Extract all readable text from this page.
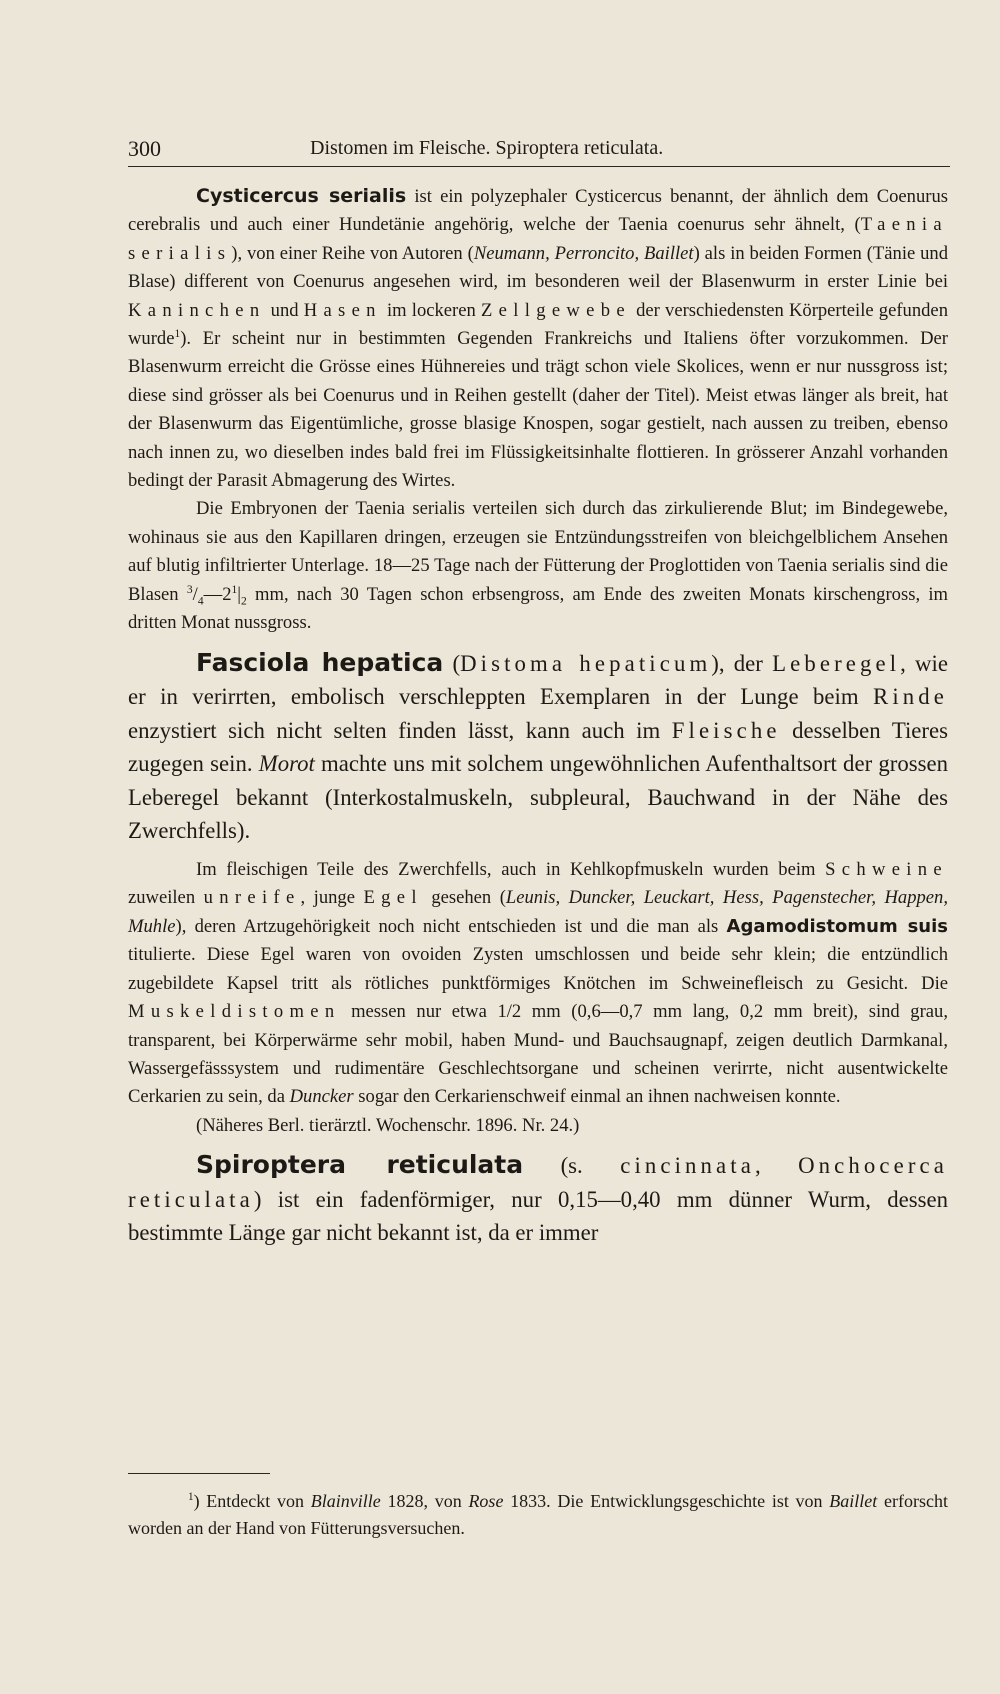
300	Distomen im Fleische. Spiroptera reticulata.

Cysticercus serialis ist ein polyzephaler Cysticercus benannt, der ähnlich dem Coenurus cerebralis und auch einer Hundetänie angehörig, welche der Taenia coenurus sehr ähnelt, (Taenia serialis), von einer Reihe von Autoren (Neumann, Perroncito, Baillet) als in beiden Formen (Tänie und Blase) different von Coenurus angesehen wird, im besonderen weil der Blasenwurm in erster Linie bei Kaninchen und Hasen im lockeren Zellgewebe der verschiedensten Körperteile gefunden wurde$^1$). Er scheint nur in bestimmten Gegenden Frankreichs und Italiens öfter vorzukommen. Der Blasenwurm erreicht die Grösse eines Hühnereies und trägt schon viele Skolices, wenn er nur nussgross ist; diese sind grösser als bei Coenurus und in Reihen gestellt (daher der Titel). Meist etwas länger als breit, hat der Blasenwurm das Eigentümliche, grosse blasige Knospen, sogar gestielt, nach aussen zu treiben, ebenso nach innen zu, wo dieselben indes bald frei im Flüssigkeitsinhalte flottieren. In grösserer Anzahl vorhanden bedingt der Parasit Abmagerung des Wirtes.

Die Embryonen der Taenia serialis verteilen sich durch das zirkulierende Blut; im Bindegewebe, wohinaus sie aus den Kapillaren dringen, erzeugen sie Entzündungsstreifen von bleichgelblichem Ansehen auf blutig infiltrierter Unterlage. 18—25 Tage nach der Fütterung der Proglottiden von Taenia serialis sind die Blasen $^3/_4—2^1|_2$ mm, nach 30 Tagen schon erbsengross, am Ende des zweiten Monats kirschengross, im dritten Monat nussgross.

Fasciola hepatica (Distoma hepaticum), der Leberegel, wie er in verirrten, embolisch verschleppten Exemplaren in der Lunge beim Rinde enzystiert sich nicht selten finden lässt, kann auch im Fleische desselben Tieres zugegen sein. Morot machte uns mit solchem ungewöhnlichen Aufenthaltsort der grossen Leberegel bekannt (Interkostalmuskeln, subpleural, Bauchwand in der Nähe des Zwerchfells).

Im fleischigen Teile des Zwerchfells, auch in Kehlkopfmuskeln wurden beim Schweine zuweilen unreife, junge Egel gesehen (Leunis, Duncker, Leuckart, Hess, Pagenstecher, Happen, Muhle), deren Artzugehörigkeit noch nicht entschieden ist und die man als Agamodistomum suis titulierte. Diese Egel waren von ovoiden Zysten umschlossen und beide sehr klein; die entzündlich zugebildete Kapsel tritt als rötliches punktförmiges Knötchen im Schweinefleisch zu Gesicht. Die Muskeldistomen messen nur etwa 1/2 mm (0,6—0,7 mm lang, 0,2 mm breit), sind grau, transparent, bei Körperwärme sehr mobil, haben Mund- und Bauchsaugnapf, zeigen deutlich Darmkanal, Wassergefässsystem und rudimentäre Geschlechtsorgane und scheinen verirrte, nicht ausentwickelte Cerkarien zu sein, da Duncker sogar den Cerkarienschweif einmal an ihnen nachweisen konnte.

(Näheres Berl. tierärztl. Wochenschr. 1896. Nr. 24.)

Spiroptera reticulata (s. cincinnata, Onchocerca reticulata) ist ein fadenförmiger, nur 0,15—0,40 mm dünner Wurm, dessen bestimmte Länge gar nicht bekannt ist, da er immer

$^1$) Entdeckt von Blainville 1828, von Rose 1833. Die Entwicklungsgeschichte ist von Baillet erforscht worden an der Hand von Fütterungsversuchen.
